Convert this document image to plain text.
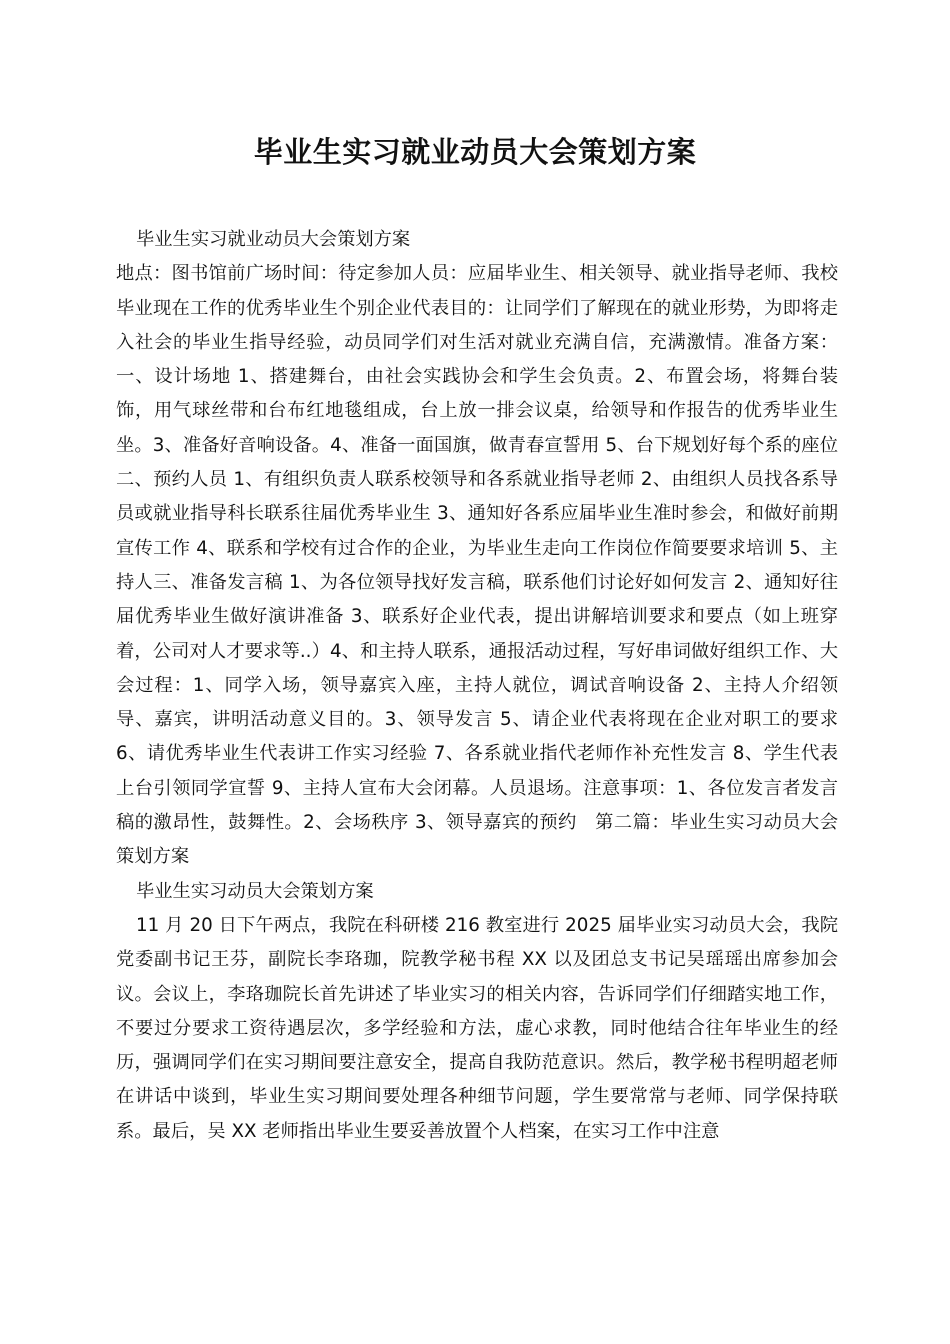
毕业生实习就业动员大会策划方案

毕业生实习就业动员大会策划方案

地点：图书馆前广场时间：待定参加人员：应届毕业生、相关领导、就业指导老师、我校毕业现在工作的优秀毕业生个别企业代表目的：让同学们了解现在的就业形势，为即将走入社会的毕业生指导经验，动员同学们对生活对就业充满自信，充满激情。准备方案：一、设计场地 1、搭建舞台，由社会实践协会和学生会负责。2、布置会场，将舞台装饰，用气球丝带和台布红地毯组成，台上放一排会议桌，给领导和作报告的优秀毕业生坐。3、准备好音响设备。4、准备一面国旗，做青春宣誓用 5、台下规划好每个系的座位二、预约人员 1、有组织负责人联系校领导和各系就业指导老师 2、由组织人员找各系导员或就业指导科长联系往届优秀毕业生 3、通知好各系应届毕业生准时参会，和做好前期宣传工作 4、联系和学校有过合作的企业，为毕业生走向工作岗位作简要要求培训 5、主持人三、准备发言稿 1、为各位领导找好发言稿，联系他们讨论好如何发言 2、通知好往届优秀毕业生做好演讲准备 3、联系好企业代表，提出讲解培训要求和要点（如上班穿着，公司对人才要求等..）4、和主持人联系，通报活动过程，写好串词做好组织工作、大会过程：1、同学入场，领导嘉宾入座，主持人就位，调试音响设备 2、主持人介绍领导、嘉宾，讲明活动意义目的。3、领导发言 5、请企业代表将现在企业对职工的要求 6、请优秀毕业生代表讲工作实习经验 7、各系就业指代老师作补充性发言 8、学生代表上台引领同学宣誓 9、主持人宣布大会闭幕。人员退场。注意事项：1、各位发言者发言稿的激昂性，鼓舞性。2、会场秩序 3、领导嘉宾的预约 第二篇：毕业生实习动员大会策划方案

毕业生实习动员大会策划方案

11 月 20 日下午两点，我院在科研楼 216 教室进行 2025 届毕业实习动员大会，我院党委副书记王芬，副院长李珞珈，院教学秘书程 XX 以及团总支书记吴瑶瑶出席参加会议。会议上，李珞珈院长首先讲述了毕业实习的相关内容，告诉同学们仔细踏实地工作，不要过分要求工资待遇层次，多学经验和方法，虚心求教，同时他结合往年毕业生的经历，强调同学们在实习期间要注意安全，提高自我防范意识。然后，教学秘书程明超老师在讲话中谈到，毕业生实习期间要处理各种细节问题，学生要常常与老师、同学保持联系。最后，吴 XX 老师指出毕业生要妥善放置个人档案，在实习工作中注意
